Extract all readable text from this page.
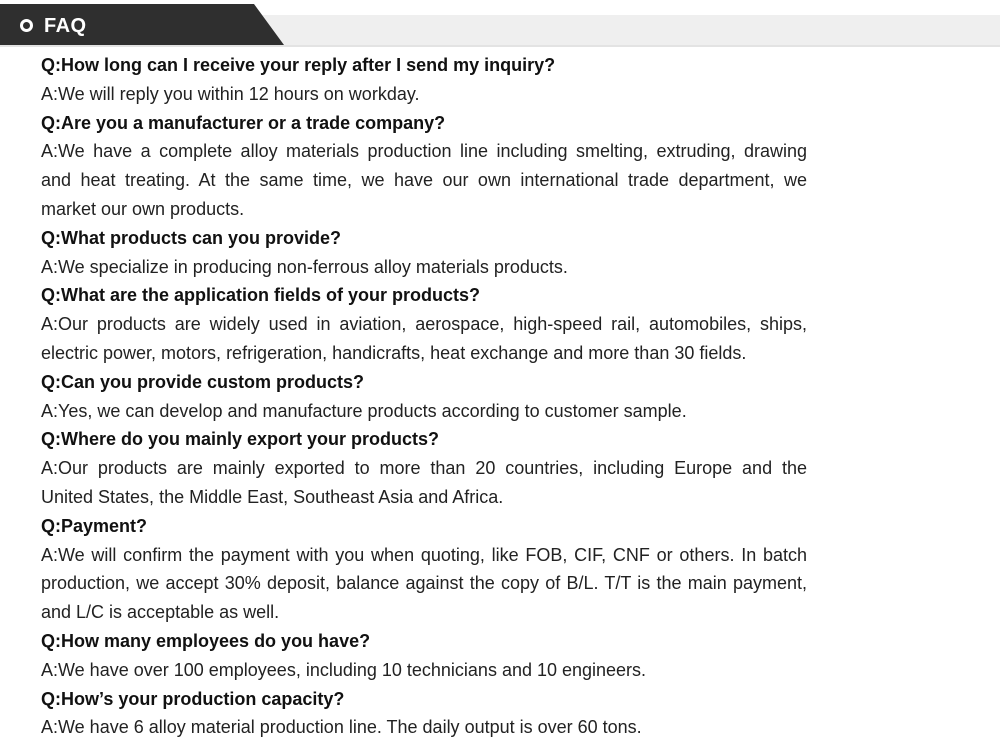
FAQ
Q:How long can I receive your reply after I send my inquiry?
A:We will reply you within 12 hours on workday.
Q:Are you a manufacturer or a trade company?
A:We have a complete alloy materials production line including smelting, extruding, drawing
and heat treating. At the same time, we have our own international trade department, we
market our own products.
Q:What products can you provide?
A:We specialize in producing non-ferrous alloy materials products.
Q:What are the application fields of your products?
A:Our products are widely used in aviation, aerospace, high-speed rail, automobiles, ships,
electric power, motors, refrigeration, handicrafts, heat exchange and more than 30 fields.
Q:Can you provide custom products?
A:Yes, we can develop and manufacture products according to customer sample.
Q:Where do you mainly export your products?
A:Our products are mainly exported to more than 20 countries, including Europe and the
United States, the Middle East, Southeast Asia and Africa.
Q:Payment?
A:We will confirm the payment with you when quoting, like FOB, CIF, CNF or others. In batch
production, we accept 30% deposit, balance against the copy of B/L. T/T is the main payment,
and L/C is acceptable as well.
Q:How many employees do you have?
A:We have over 100 employees, including 10 technicians and 10 engineers.
Q:How’s your production capacity?
A:We have 6 alloy material production line. The daily output is over 60 tons.
